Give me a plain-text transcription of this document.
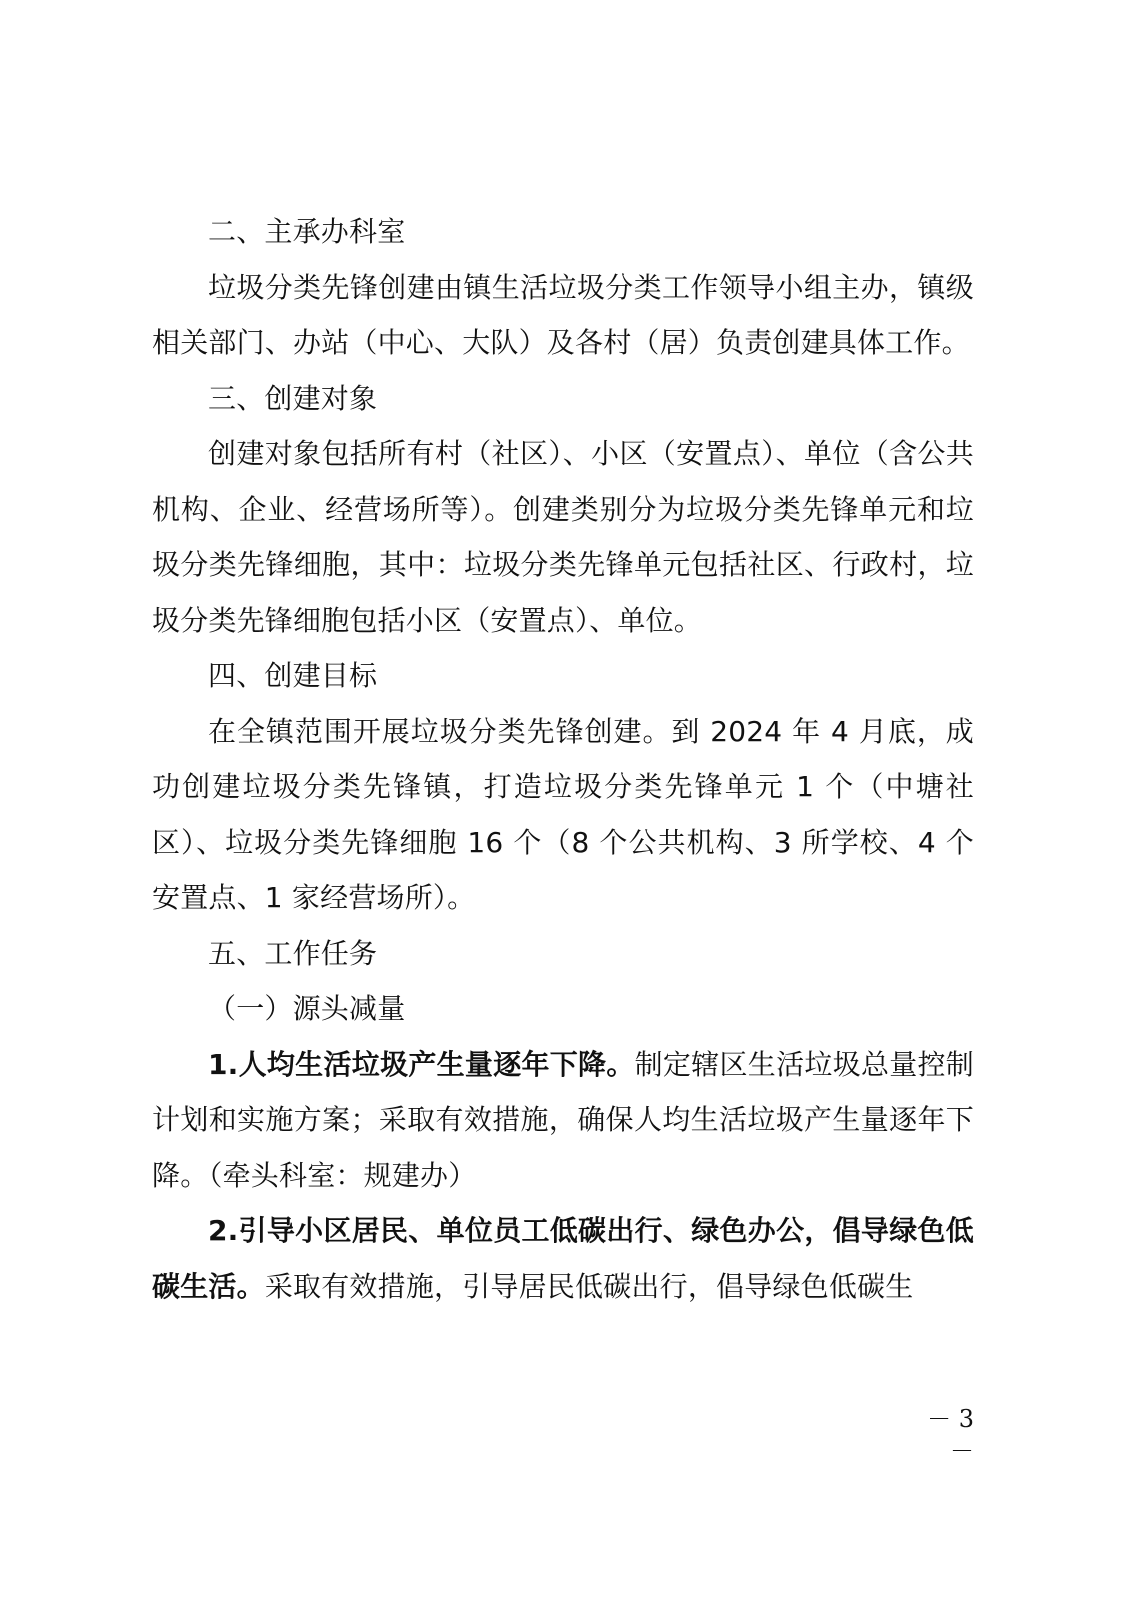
二、主承办科室

垃圾分类先锋创建由镇生活垃圾分类工作领导小组主办，镇级相关部门、办站（中心、大队）及各村（居）负责创建具体工作。

三、创建对象

创建对象包括所有村（社区）、小区（安置点）、单位（含公共机构、企业、经营场所等）。创建类别分为垃圾分类先锋单元和垃圾分类先锋细胞，其中：垃圾分类先锋单元包括社区、行政村，垃圾分类先锋细胞包括小区（安置点）、单位。

四、创建目标

在全镇范围开展垃圾分类先锋创建。到 2024 年 4 月底，成功创建垃圾分类先锋镇，打造垃圾分类先锋单元 1 个（中塘社区）、垃圾分类先锋细胞 16 个（8 个公共机构、3 所学校、4 个安置点、1 家经营场所）。

五、工作任务

（一）源头减量

1.人均生活垃圾产生量逐年下降。制定辖区生活垃圾总量控制计划和实施方案；采取有效措施，确保人均生活垃圾产生量逐年下降。（牵头科室：规建办）

2.引导小区居民、单位员工低碳出行、绿色办公，倡导绿色低碳生活。采取有效措施，引导居民低碳出行，倡导绿色低碳生

－ 3 －
